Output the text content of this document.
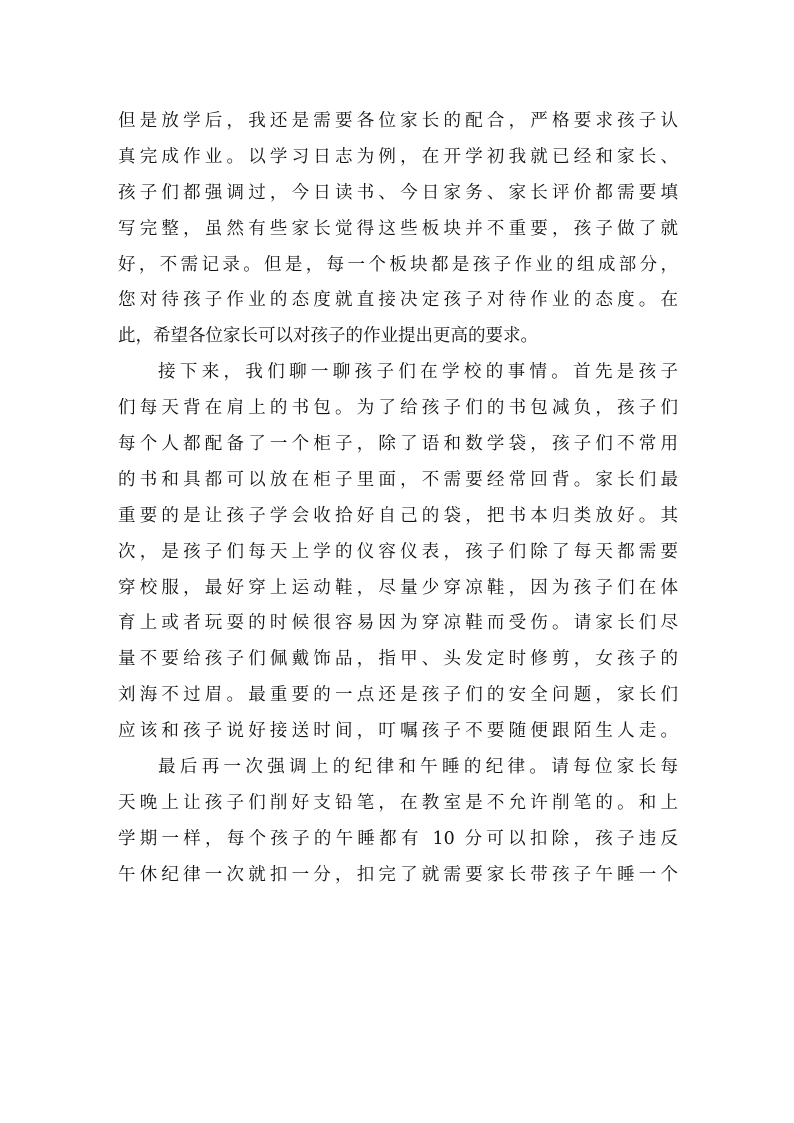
但是放学后，我还是需要各位家长的配合，严格要求孩子认
真完成作业。以学习日志为例，在开学初我就已经和家长、
孩子们都强调过，今日读书、今日家务、家长评价都需要填
写完整，虽然有些家长觉得这些板块并不重要，孩子做了就
好，不需记录。但是，每一个板块都是孩子作业的组成部分，
您对待孩子作业的态度就直接决定孩子对待作业的态度。在
此，希望各位家长可以对孩子的作业提出更高的要求。
接下来，我们聊一聊孩子们在学校的事情。首先是孩子
们每天背在肩上的书包。为了给孩子们的书包减负，孩子们
每个人都配备了一个柜子，除了语和数学袋，孩子们不常用
的书和具都可以放在柜子里面，不需要经常回背。家长们最
重要的是让孩子学会收拾好自己的袋，把书本归类放好。其
次，是孩子们每天上学的仪容仪表，孩子们除了每天都需要
穿校服，最好穿上运动鞋，尽量少穿凉鞋，因为孩子们在体
育上或者玩耍的时候很容易因为穿凉鞋而受伤。请家长们尽
量不要给孩子们佩戴饰品，指甲、头发定时修剪，女孩子的
刘海不过眉。最重要的一点还是孩子们的安全问题，家长们
应该和孩子说好接送时间，叮嘱孩子不要随便跟陌生人走。
最后再一次强调上的纪律和午睡的纪律。请每位家长每
天晚上让孩子们削好支铅笔，在教室是不允许削笔的。和上
学期一样，每个孩子的午睡都有 10 分可以扣除，孩子违反
午休纪律一次就扣一分，扣完了就需要家长带孩子午睡一个
